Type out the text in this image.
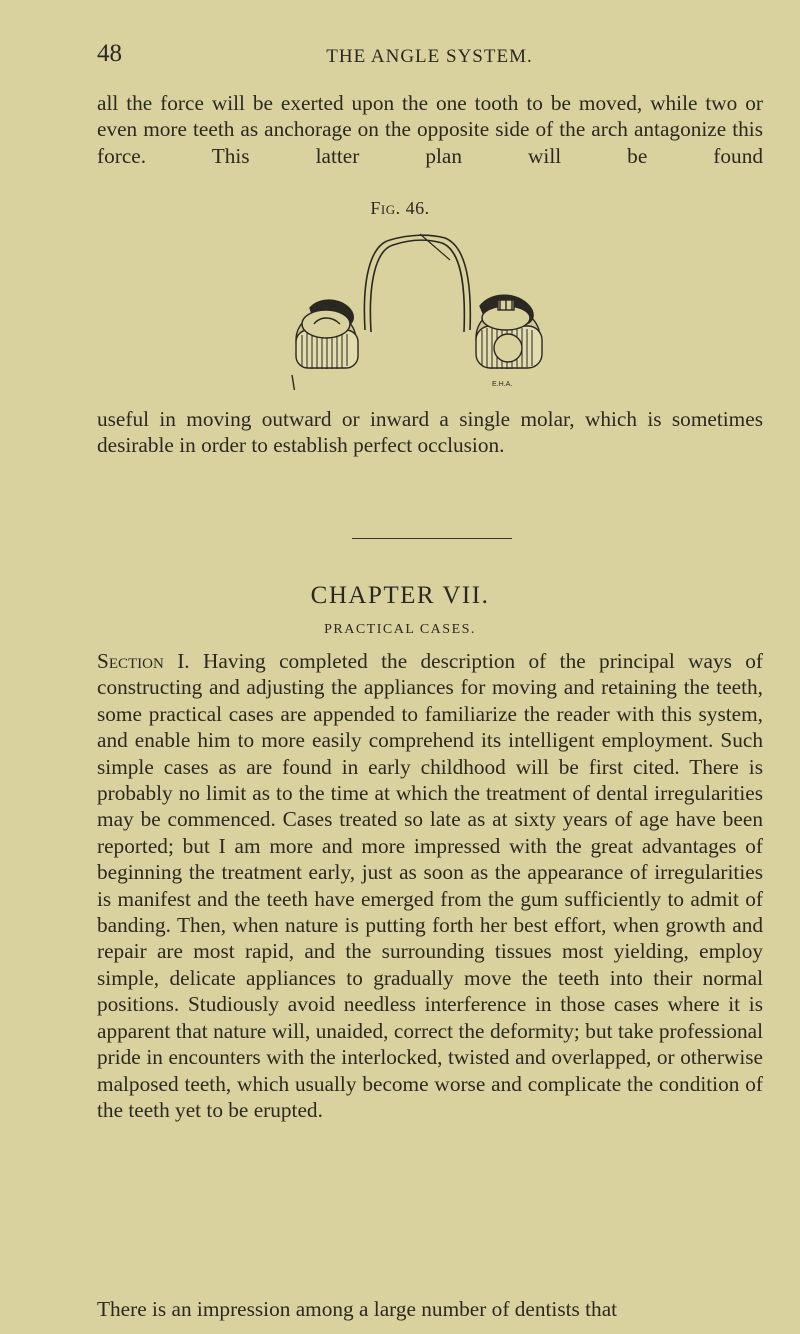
48	THE ANGLE SYSTEM.

all the force will be exerted upon the one tooth to be moved, while two or even more teeth as anchorage on the opposite side of the arch antagonize this force. This latter plan will be found

Fig. 46.
E.H.A.

useful in moving outward or inward a single molar, which is sometimes desirable in order to establish perfect occlusion.

CHAPTER VII.
PRACTICAL CASES.

Section I. Having completed the description of the principal ways of constructing and adjusting the appliances for moving and retaining the teeth, some practical cases are appended to familiarize the reader with this system, and enable him to more easily comprehend its intelligent employment. Such simple cases as are found in early childhood will be first cited. There is probably no limit as to the time at which the treatment of dental irregularities may be commenced. Cases treated so late as at sixty years of age have been reported; but I am more and more impressed with the great advantages of beginning the treatment early, just as soon as the appearance of irregularities is manifest and the teeth have emerged from the gum sufficiently to admit of banding. Then, when nature is putting forth her best effort, when growth and repair are most rapid, and the surrounding tissues most yielding, employ simple, delicate appliances to gradually move the teeth into their normal positions. Studiously avoid needless interference in those cases where it is apparent that nature will, unaided, correct the deformity; but take professional pride in encounters with the interlocked, twisted and overlapped, or otherwise malposed teeth, which usually become worse and complicate the condition of the teeth yet to be erupted.

There is an impression among a large number of dentists that
